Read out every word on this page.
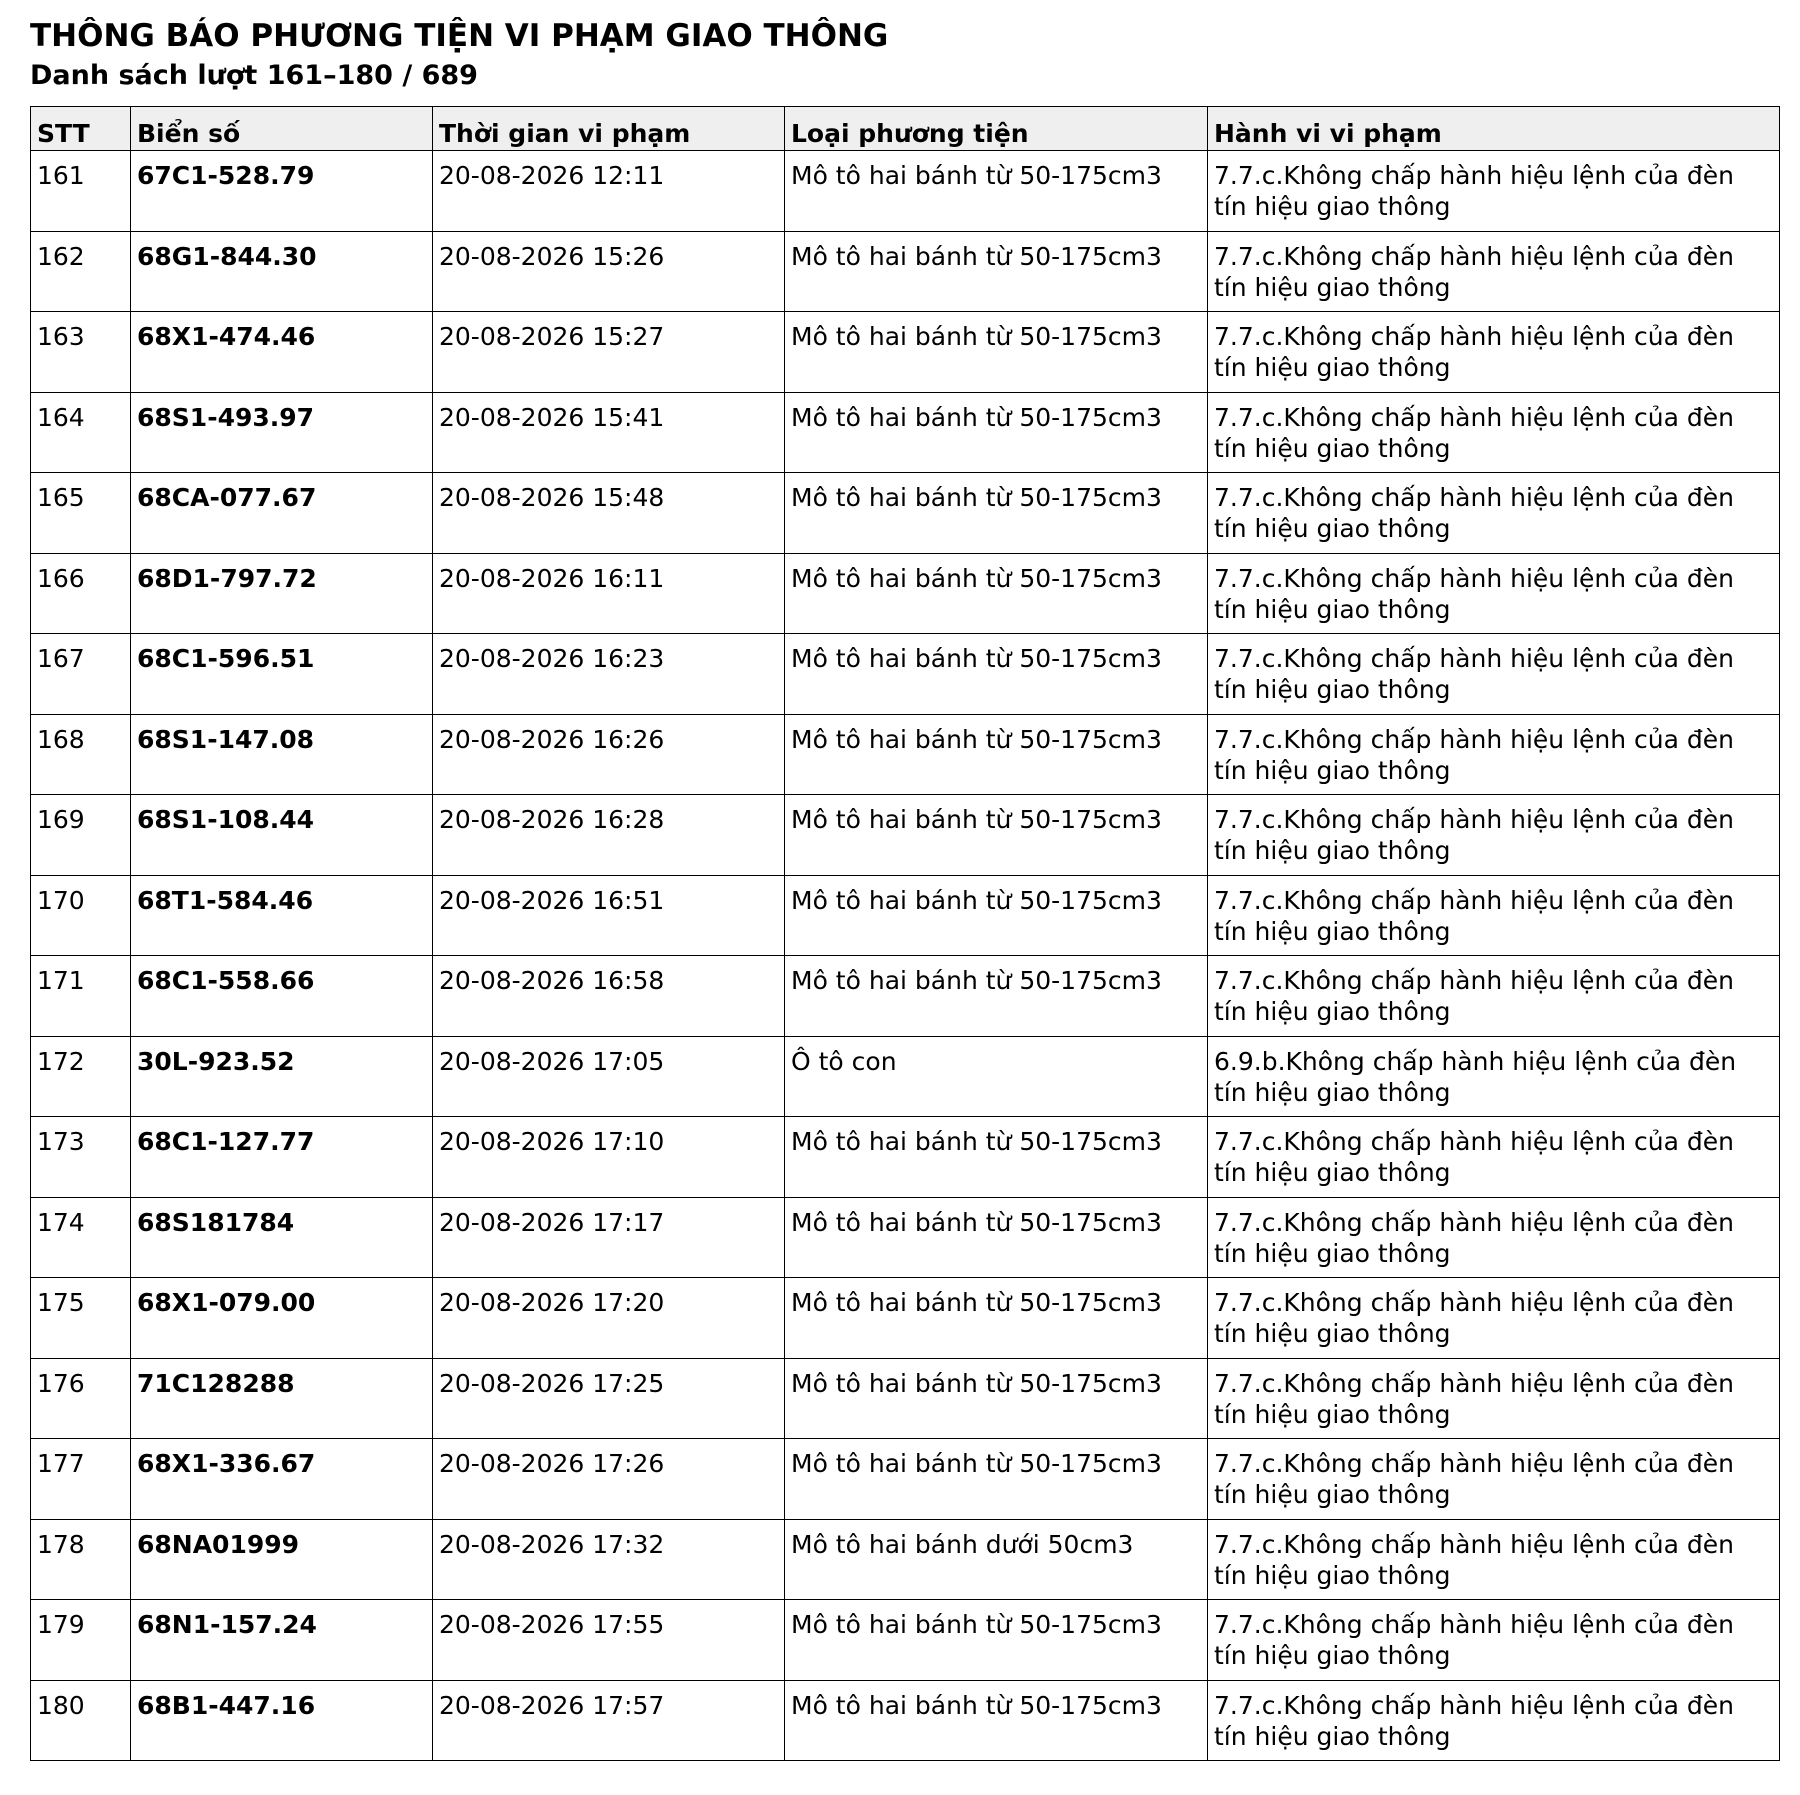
THÔNG BÁO PHƯƠNG TIỆN VI PHẠM GIAO THÔNG
Danh sách lượt 161–180 / 689
STT	Biển số	Thời gian vi phạm	Loại phương tiện	Hành vi vi phạm
161	67C1-528.79	20-08-2026 12:11	Mô tô hai bánh từ 50-175cm3	7.7.c.Không chấp hành hiệu lệnh của đèn tín hiệu giao thông
162	68G1-844.30	20-08-2026 15:26	Mô tô hai bánh từ 50-175cm3	7.7.c.Không chấp hành hiệu lệnh của đèn tín hiệu giao thông
163	68X1-474.46	20-08-2026 15:27	Mô tô hai bánh từ 50-175cm3	7.7.c.Không chấp hành hiệu lệnh của đèn tín hiệu giao thông
164	68S1-493.97	20-08-2026 15:41	Mô tô hai bánh từ 50-175cm3	7.7.c.Không chấp hành hiệu lệnh của đèn tín hiệu giao thông
165	68CA-077.67	20-08-2026 15:48	Mô tô hai bánh từ 50-175cm3	7.7.c.Không chấp hành hiệu lệnh của đèn tín hiệu giao thông
166	68D1-797.72	20-08-2026 16:11	Mô tô hai bánh từ 50-175cm3	7.7.c.Không chấp hành hiệu lệnh của đèn tín hiệu giao thông
167	68C1-596.51	20-08-2026 16:23	Mô tô hai bánh từ 50-175cm3	7.7.c.Không chấp hành hiệu lệnh của đèn tín hiệu giao thông
168	68S1-147.08	20-08-2026 16:26	Mô tô hai bánh từ 50-175cm3	7.7.c.Không chấp hành hiệu lệnh của đèn tín hiệu giao thông
169	68S1-108.44	20-08-2026 16:28	Mô tô hai bánh từ 50-175cm3	7.7.c.Không chấp hành hiệu lệnh của đèn tín hiệu giao thông
170	68T1-584.46	20-08-2026 16:51	Mô tô hai bánh từ 50-175cm3	7.7.c.Không chấp hành hiệu lệnh của đèn tín hiệu giao thông
171	68C1-558.66	20-08-2026 16:58	Mô tô hai bánh từ 50-175cm3	7.7.c.Không chấp hành hiệu lệnh của đèn tín hiệu giao thông
172	30L-923.52	20-08-2026 17:05	Ô tô con	6.9.b.Không chấp hành hiệu lệnh của đèn tín hiệu giao thông
173	68C1-127.77	20-08-2026 17:10	Mô tô hai bánh từ 50-175cm3	7.7.c.Không chấp hành hiệu lệnh của đèn tín hiệu giao thông
174	68S181784	20-08-2026 17:17	Mô tô hai bánh từ 50-175cm3	7.7.c.Không chấp hành hiệu lệnh của đèn tín hiệu giao thông
175	68X1-079.00	20-08-2026 17:20	Mô tô hai bánh từ 50-175cm3	7.7.c.Không chấp hành hiệu lệnh của đèn tín hiệu giao thông
176	71C128288	20-08-2026 17:25	Mô tô hai bánh từ 50-175cm3	7.7.c.Không chấp hành hiệu lệnh của đèn tín hiệu giao thông
177	68X1-336.67	20-08-2026 17:26	Mô tô hai bánh từ 50-175cm3	7.7.c.Không chấp hành hiệu lệnh của đèn tín hiệu giao thông
178	68NA01999	20-08-2026 17:32	Mô tô hai bánh dưới 50cm3	7.7.c.Không chấp hành hiệu lệnh của đèn tín hiệu giao thông
179	68N1-157.24	20-08-2026 17:55	Mô tô hai bánh từ 50-175cm3	7.7.c.Không chấp hành hiệu lệnh của đèn tín hiệu giao thông
180	68B1-447.16	20-08-2026 17:57	Mô tô hai bánh từ 50-175cm3	7.7.c.Không chấp hành hiệu lệnh của đèn tín hiệu giao thông
